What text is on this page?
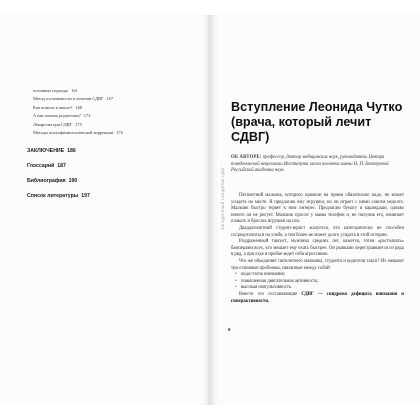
основные подходы 161
Метод осознанности в лечении СДВГ 167
Как помочь в школе? 168
А как помочь родителям? 172
Лекарства при СДВГ 175
Методы психофизиологической коррекции 176
ЗАКЛЮЧЕНИЕ 186
Глоссарий 187
Библиография 190
Список литературы 197
Вступление Леонида Чутко (врача, который лечит СДВГ)

ОБ АВТОРЕ: профессор, доктор медицинских наук, руководитель Центра поведенческой неврологии Института мозга человека имени Н. П. Бехтеревой Российской академии наук.

Пятилетний мальчик, которого привели на прием обязательно надо, не может усидеть на месте. Я предлагаю ему игрушки, но он играет с ними совсем недолго. Мальчик быстро теряет к ним интерес. Предлагаю бумагу и карандаши, однако ничего он не рисует. Мальчик просит у мамы телефон и, не получив его, начинает плакать и бросать игрушки на пол.

Двадцатилетний студент-юрист жалуется, что категорически не способен сосредоточиться на учебе, а тем более не может долго усидеть в этой истории.

Раздраженный таксист, мужчина средних лет, кажется, готов «растолкать» бамперами всех, кто мешает ему ехать быстрее. Он рывками перестраивается из ряда в ряд, а при езде в пробке ведет себя агрессивно.

Что же объединяет пятилетнего мальчика, студента и водителя такси? Их мешают три основные проблемы, связанные между собой:

• недостаток внимания;
• повышенная двигательная активность;
• высокая импульсивность.

Вместе это составляющие СДВГ — синдрома дефицита внимания и гиперактивности.

ЗАГАДОЧНЫЙ СИНДРОМ СДВГ
6
